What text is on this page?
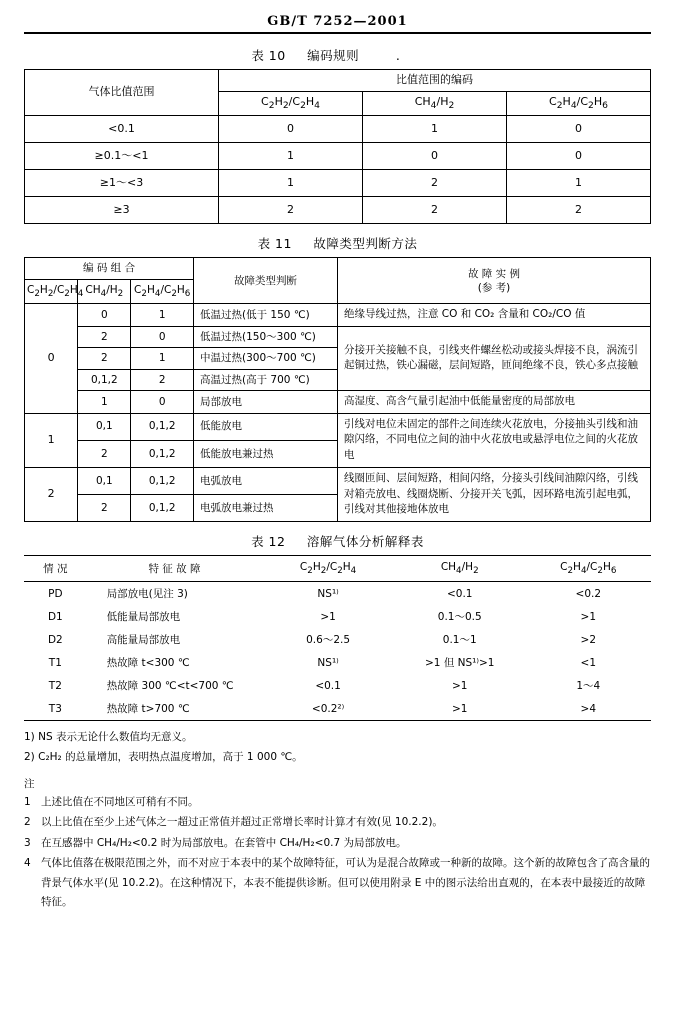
GB/T 7252—2001
表 10 编码规则   .
气体比值范围	比值范围的编码		
	$C_2H_2/C_2H_4$	$CH_4/H_2$	$C_2H_4/C_2H_6$
<0.1	0	1	0
≥0.1～<1	1	0	0
≥1～<3	1	2	1
≥3	2	2	2
表 11 故障类型判断方法
编 码 组 合			故障类型判断	故 障 实 例
(参 考)
$C_2H_2/C_2H_4$	$CH_4/H_2$	$C_2H_4/C_2H_6$
0	0	1	低温过热(低于 150 ℃)	绝缘导线过热，注意 CO 和 CO₂ 含量和 CO₂/CO 值
	2	0	低温过热(150～300 ℃)	分接开关接触不良，引线夹件螺丝松动或接头焊接不良，涡流引起铜过热，铁心漏磁，层间短路，匝间绝缘不良，铁心多点接触
	2	1	中温过热(300～700 ℃)	
	0,1,2	2	高温过热(高于 700 ℃)	
	1	0	局部放电	高湿度、高含气量引起油中低能量密度的局部放电
1	0,1	0,1,2	低能放电	引线对电位未固定的部件之间连续火花放电，分接抽头引线和油隙闪络，不同电位之间的油中火花放电或悬浮电位之间的火花放电
	2	0,1,2	低能放电兼过热	
2	0,1	0,1,2	电弧放电	线圈匝间、层间短路，相间闪络，分接头引线间油隙闪络，引线对箱壳放电、线圈烧断、分接开关飞弧，因环路电流引起电弧，引线对其他接地体放电
	2	0,1,2	电弧放电兼过热	
表 12 溶解气体分析解释表
情 况	特 征 故 障	$C_2H_2/C_2H_4$	$CH_4/H_2$	$C_2H_4/C_2H_6$
PD	局部放电(见注 3)	NS¹⁾	<0.1	<0.2
D1	低能量局部放电	>1	0.1～0.5	>1
D2	高能量局部放电	0.6～2.5	0.1～1	>2
T1	热故障 t<300 ℃	NS¹⁾	>1 但 NS¹⁾>1	<1
T2	热故障 300 ℃<t<700 ℃	<0.1	>1	1～4
T3	热故障 t>700 ℃	<0.2²⁾	>1	>4
1) NS 表示无论什么数值均无意义。
2) C₂H₂ 的总量增加，表明热点温度增加，高于 1 000 ℃。
注
1 上述比值在不同地区可稍有不同。
2 以上比值在至少上述气体之一超过正常值并超过正常增长率时计算才有效(见 10.2.2)。
3 在互感器中 CH₄/H₂<0.2 时为局部放电。在套管中 CH₄/H₂<0.7 为局部放电。
4 气体比值落在极限范围之外，而不对应于本表中的某个故障特征，可认为是混合故障或一种新的故障。这个新的故障包含了高含量的背景气体水平(见 10.2.2)。在这种情况下，本表不能提供诊断。但可以使用附录 E 中的图示法给出直观的，在本表中最接近的故障特征。
